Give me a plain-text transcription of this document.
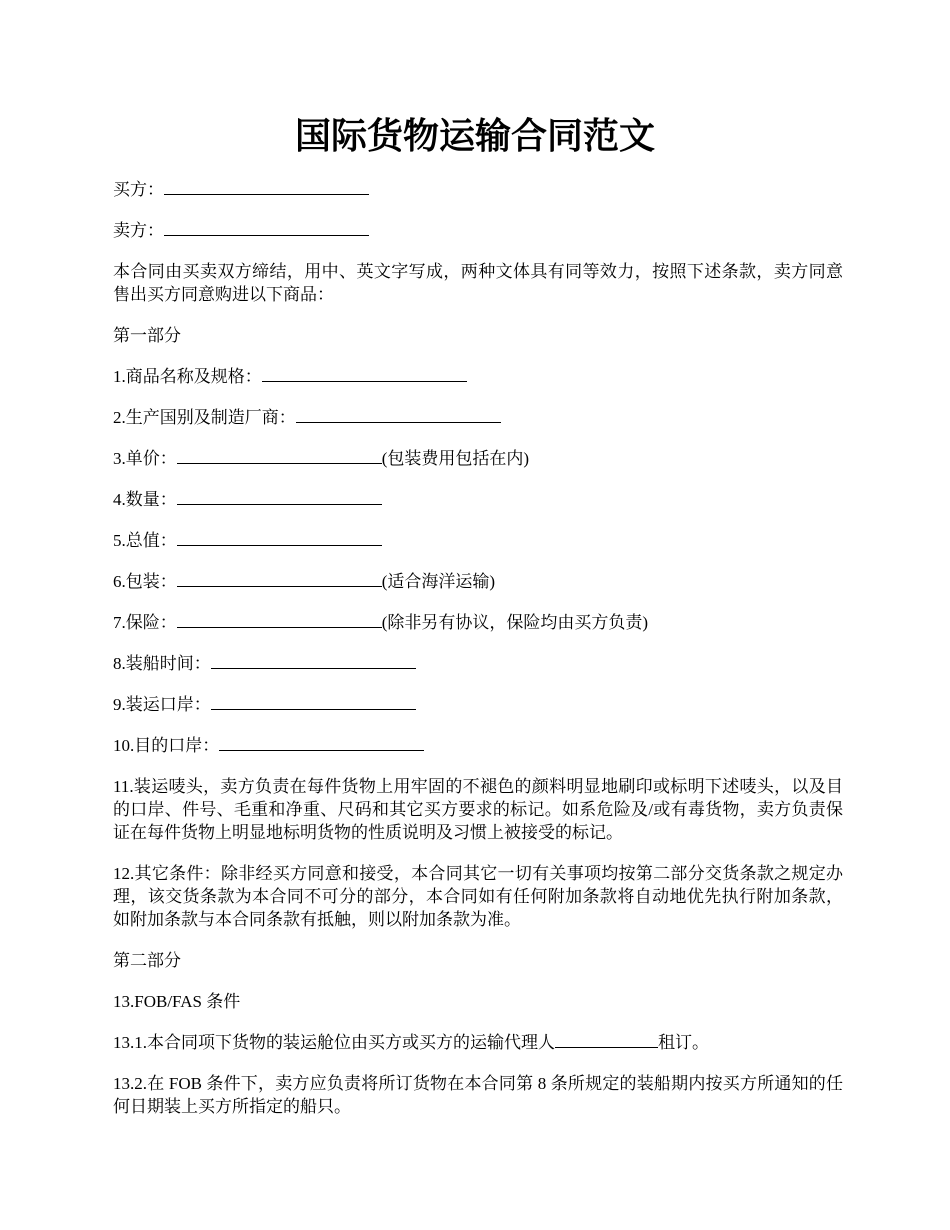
国际货物运输合同范文

买方：

卖方：

本合同由买卖双方缔结，用中、英文字写成，两种文体具有同等效力，按照下述条款，卖方同意售出买方同意购进以下商品：

第一部分

1.商品名称及规格：

2.生产国别及制造厂商：

3.单价：	(包装费用包括在内)

4.数量：

5.总值：

6.包装：	(适合海洋运输)

7.保险：	(除非另有协议，保险均由买方负责)

8.装船时间：

9.装运口岸：

10.目的口岸：

11.装运唛头，卖方负责在每件货物上用牢固的不褪色的颜料明显地刷印或标明下述唛头，以及目的口岸、件号、毛重和净重、尺码和其它买方要求的标记。如系危险及/或有毒货物，卖方负责保证在每件货物上明显地标明货物的性质说明及习惯上被接受的标记。

12.其它条件：除非经买方同意和接受，本合同其它一切有关事项均按第二部分交货条款之规定办理，该交货条款为本合同不可分的部分，本合同如有任何附加条款将自动地优先执行附加条款，如附加条款与本合同条款有抵触，则以附加条款为准。

第二部分

13.FOB/FAS 条件

13.1.本合同项下货物的装运舱位由买方或买方的运输代理人	租订。

13.2.在 FOB 条件下，卖方应负责将所订货物在本合同第 8 条所规定的装船期内按买方所通知的任何日期装上买方所指定的船只。
